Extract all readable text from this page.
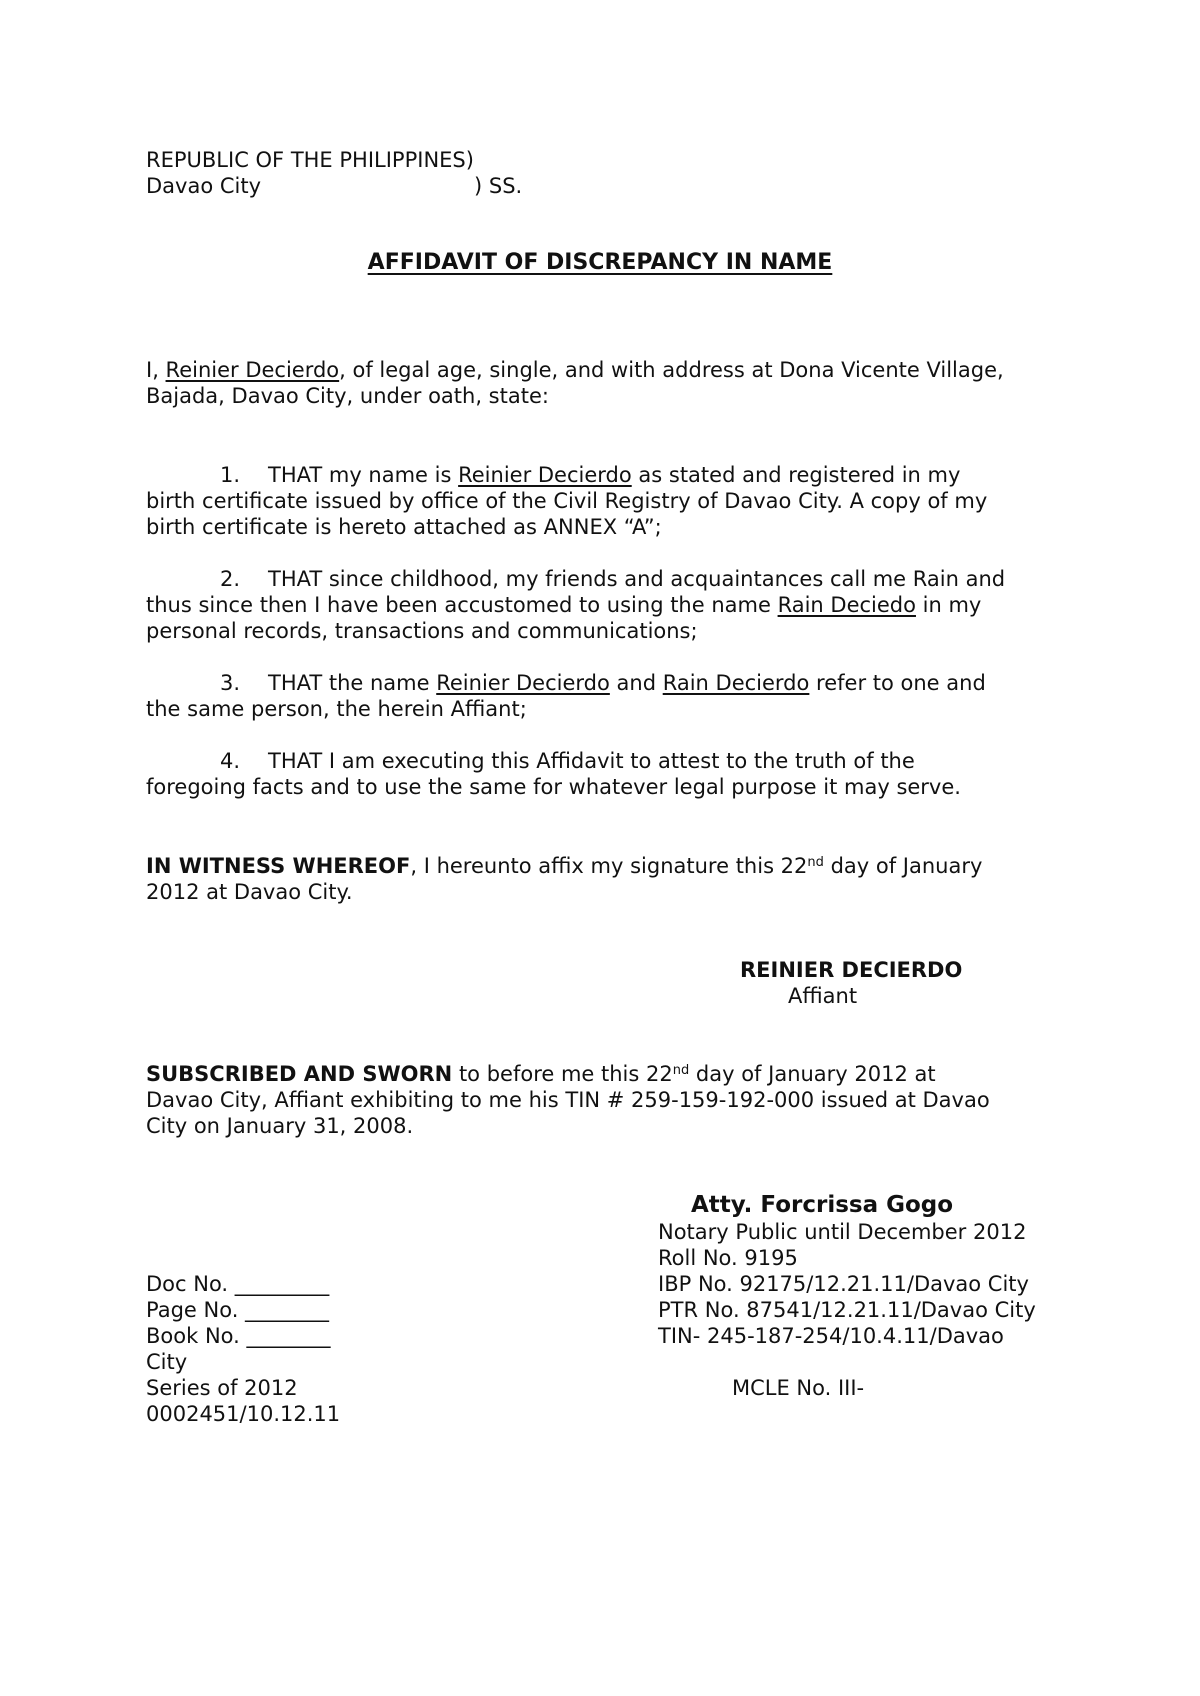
REPUBLIC OF THE PHILIPPINES)
Davao City	) SS.
AFFIDAVIT OF DISCREPANCY IN NAME
I, Reinier Decierdo, of legal age, single, and with address at Dona Vicente Village,
Bajada, Davao City, under oath, state:
1. THAT my name is Reinier Decierdo as stated and registered in my
birth certificate issued by office of the Civil Registry of Davao City. A copy of my
birth certificate is hereto attached as ANNEX “A”;
2. THAT since childhood, my friends and acquaintances call me Rain and
thus since then I have been accustomed to using the name Rain Deciedo in my
personal records, transactions and communications;
3. THAT the name Reinier Decierdo and Rain Decierdo refer to one and
the same person, the herein Affiant;
4. THAT I am executing this Affidavit to attest to the truth of the
foregoing facts and to use the same for whatever legal purpose it may serve.
IN WITNESS WHEREOF, I hereunto affix my signature this 22nd day of January
2012 at Davao City.
REINIER DECIERDO
Affiant
SUBSCRIBED AND SWORN to before me this 22nd day of January 2012 at
Davao City, Affiant exhibiting to me his TIN # 259-159-192-000 issued at Davao
City on January 31, 2008.
Atty. Forcrissa Gogo
Notary Public until December 2012
Roll No. 9195
IBP No. 92175/12.21.11/Davao City
PTR No. 87541/12.21.11/Davao City
TIN- 245-187-254/10.4.11/Davao
MCLE No. III-
Doc No. _________
Page No. ________
Book No. ________
City
Series of 2012
0002451/10.12.11
